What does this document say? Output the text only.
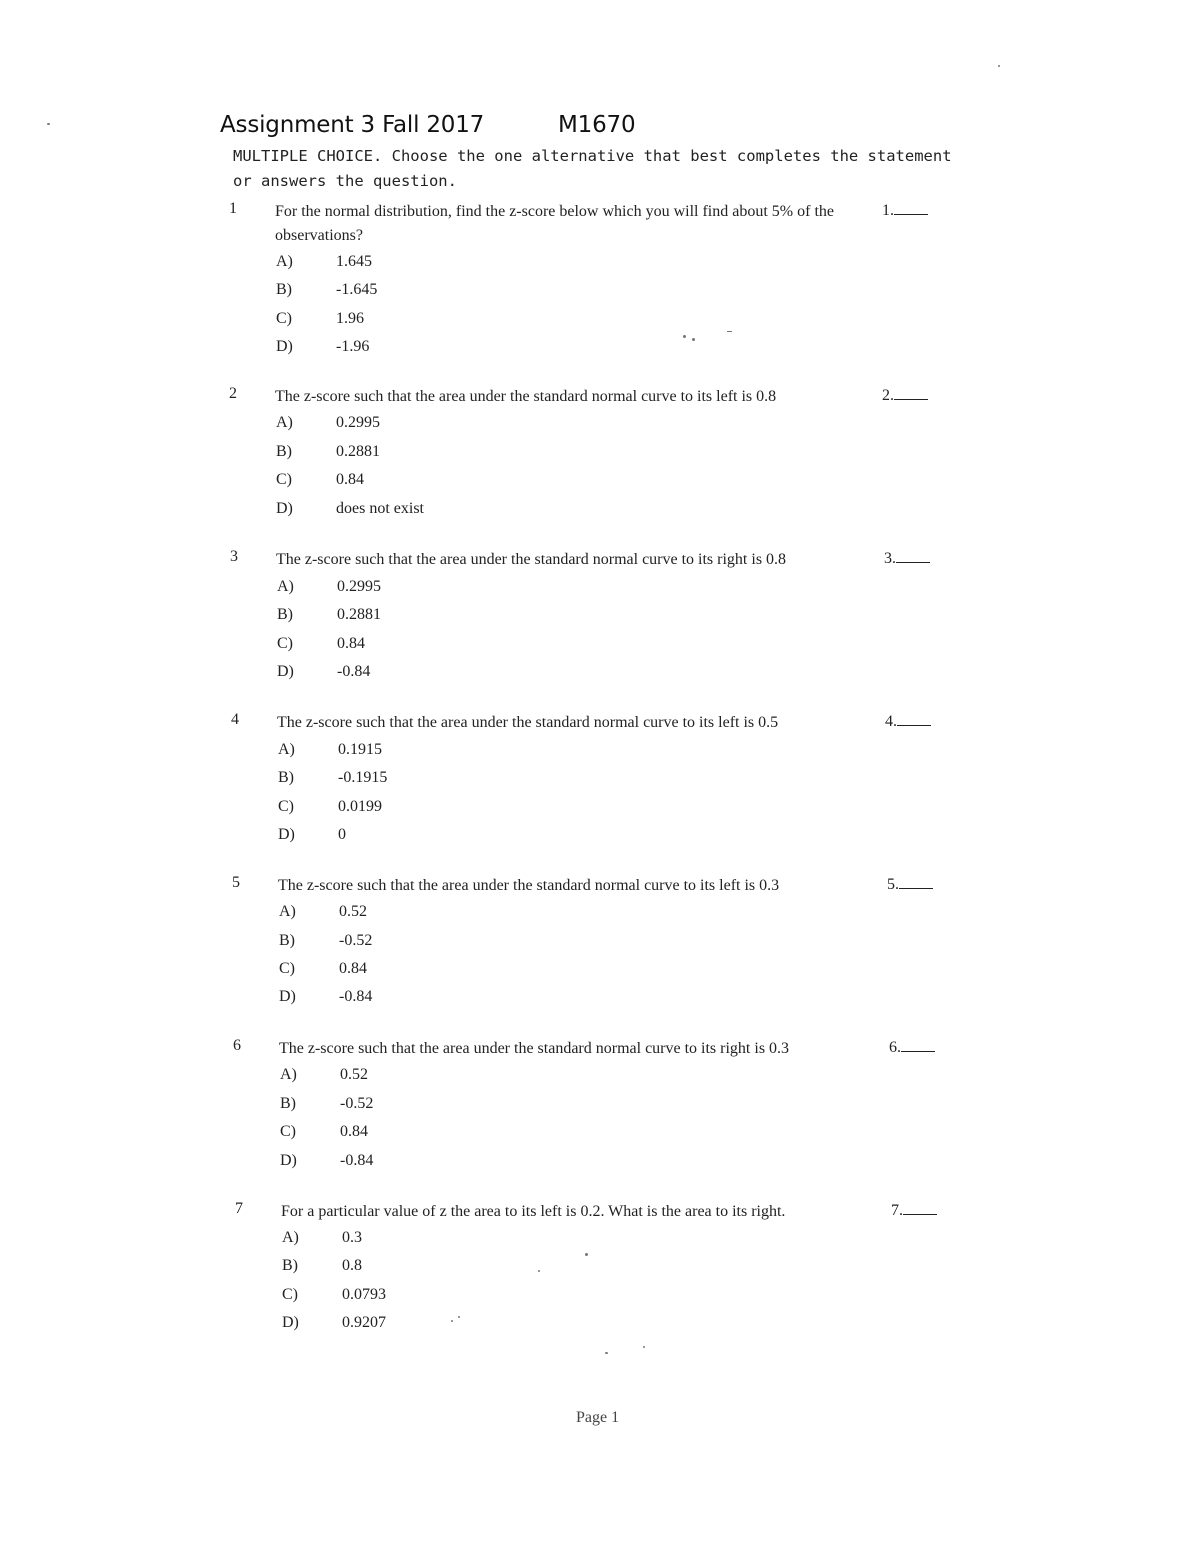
Assignment 3 Fall 2017	M1670
MULTIPLE CHOICE. Choose the one alternative that best completes the statement or answers the question.
1	For the normal distribution, find the z-score below which you will find about 5% of the observations?
1.
A)	1.645
B)	-1.645
C)	1.96
D)	-1.96
2	The z-score such that the area under the standard normal curve to its left is 0.8	2.
A)	0.2995
B)	0.2881
C)	0.84
D)	does not exist
3	The z-score such that the area under the standard normal curve to its right is 0.8	3.
A)	0.2995
B)	0.2881
C)	0.84
D)	-0.84
4	The z-score such that the area under the standard normal curve to its left is 0.5	4.
A)	0.1915
B)	-0.1915
C)	0.0199
D)	0
5	The z-score such that the area under the standard normal curve to its left is 0.3	5.
A)	0.52
B)	-0.52
C)	0.84
D)	-0.84
6	The z-score such that the area under the standard normal curve to its right is 0.3	6.
A)	0.52
B)	-0.52
C)	0.84
D)	-0.84
7	For a particular value of z the area to its left is 0.2. What is the area to its right.	7.
A)	0.3
B)	0.8
C)	0.0793
D)	0.9207
Page 1
